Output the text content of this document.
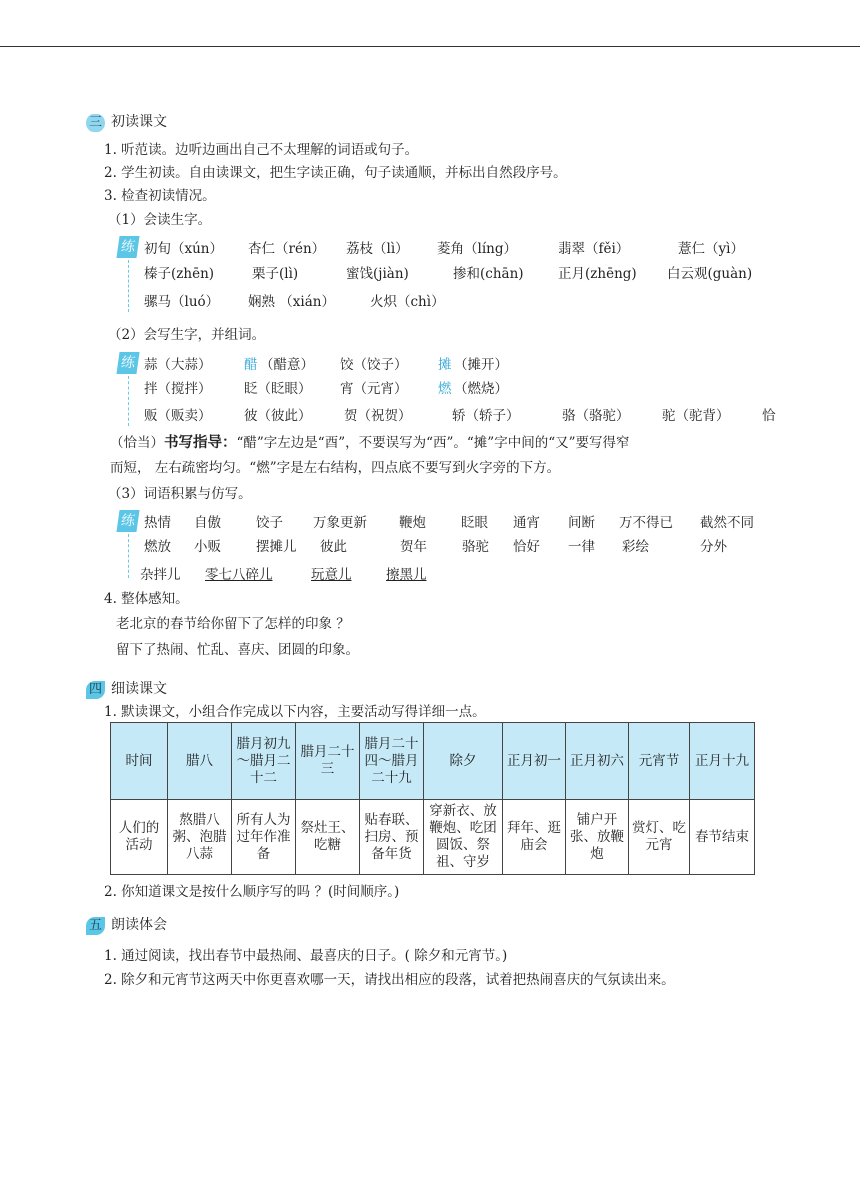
三 初读课文
1. 听范读。边听边画出自己不太理解的词语或句子。
2. 学生初读。自由读课文，把生字读正确，句子读通顺，并标出自然段序号。
3. 检查初读情况。
（1）会读生字。
练 初旬（xún） 杏仁（rén） 荔枝（lì） 菱角（líng）	翡翠（fěi）	薏仁（yì）
榛子(zhēn)	栗子(lì)	蜜饯(jiàn)	掺和(chān)	正月(zhēng) 白云观(guàn)
骡马（luó） 娴熟 （xián）	火炽（chì）
（2）会写生字，并组词。
练 蒜（大蒜） 醋 （醋意） 饺（饺子） 摊 （摊开）
拌（搅拌） 眨（眨眼） 宵（元宵） 燃 （燃烧）
贩（贩卖） 彼（彼此） 贺（祝贺）	轿（轿子）	骆（骆驼） 驼（驼背） 恰
（恰当）书写指导：“醋”字左边是“酉”，不要误写为“西”。“摊”字中间的“又”要写得窄
而短， 左右疏密均匀。“燃”字是左右结构，四点底不要写到火字旁的下方。
（3）词语积累与仿写。
练 热情 自傲	饺子 万象更新 鞭炮	眨眼 通宵 间断 万不得已 截然不同
燃放 小贩	摆摊儿 彼此	贺年	骆驼 恰好 一律 彩绘	分外
杂拌儿 零七八碎儿	玩意儿	擦黑儿
4. 整体感知。
老北京的春节给你留下了怎样的印象 ？
留下了热闹、忙乱、喜庆、团圆的印象。
四 细读课文
1. 默读课文，小组合作完成以下内容，主要活动写得详细一点。
时间	腊八	腊月初九～腊月二十二	腊月二十三	腊月二十四～腊月二十九	除夕	正月初一	正月初六	元宵节	正月十九
人们的活动	熬腊八粥、泡腊八蒜	所有人为过年作准备	祭灶王、吃糖	贴春联、扫房、预备年货	穿新衣、放鞭炮、吃团圆饭、祭祖、守岁	拜年、逛庙会	铺户开张、放鞭炮	赏灯、吃元宵	春节结束
2. 你知道课文是按什么顺序写的吗 ？(时间顺序。)
五 朗读体会
1. 通过阅读，找出春节中最热闹、最喜庆的日子。( 除夕和元宵节。)
2. 除夕和元宵节这两天中你更喜欢哪一天，请找出相应的段落，试着把热闹喜庆的气氛读出来。
